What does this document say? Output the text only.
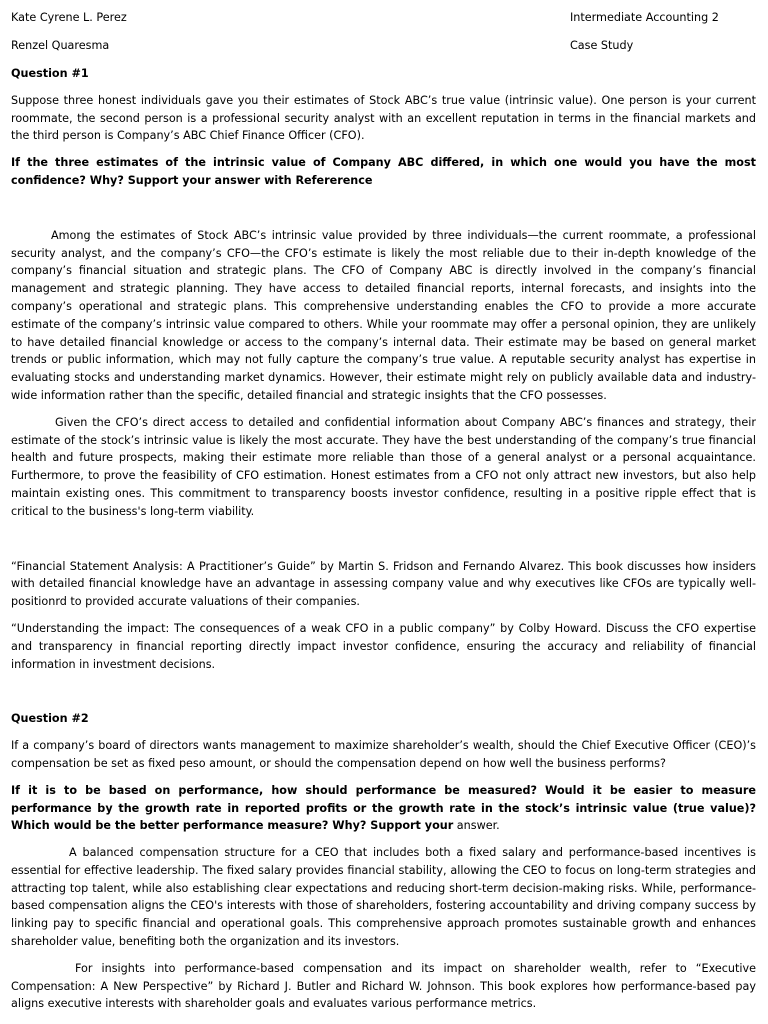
Kate Cyrene L. Perez	Intermediate Accounting 2
Renzel Quaresma	Case Study

Question #1

Suppose three honest individuals gave you their estimates of Stock ABC’s true value (intrinsic value). One person is your current roommate, the second person is a professional security analyst with an excellent reputation in terms in the financial markets and the third person is Company’s ABC Chief Finance Officer (CFO).

If the three estimates of the intrinsic value of Company ABC differed, in which one would you have the most confidence? Why? Support your answer with Refererence

Among the estimates of Stock ABC’s intrinsic value provided by three individuals—the current roommate, a professional security analyst, and the company’s CFO—the CFO’s estimate is likely the most reliable due to their in-depth knowledge of the company’s financial situation and strategic plans. The CFO of Company ABC is directly involved in the company’s financial management and strategic planning. They have access to detailed financial reports, internal forecasts, and insights into the company’s operational and strategic plans. This comprehensive understanding enables the CFO to provide a more accurate estimate of the company’s intrinsic value compared to others. While your roommate may offer a personal opinion, they are unlikely to have detailed financial knowledge or access to the company’s internal data. Their estimate may be based on general market trends or public information, which may not fully capture the company’s true value. A reputable security analyst has expertise in evaluating stocks and understanding market dynamics. However, their estimate might rely on publicly available data and industry-wide information rather than the specific, detailed financial and strategic insights that the CFO possesses.

Given the CFO’s direct access to detailed and confidential information about Company ABC’s finances and strategy, their estimate of the stock’s intrinsic value is likely the most accurate. They have the best understanding of the company’s true financial health and future prospects, making their estimate more reliable than those of a general analyst or a personal acquaintance. Furthermore, to prove the feasibility of CFO estimation. Honest estimates from a CFO not only attract new investors, but also help maintain existing ones. This commitment to transparency boosts investor confidence, resulting in a positive ripple effect that is critical to the business's long-term viability.

“Financial Statement Analysis: A Practitioner’s Guide” by Martin S. Fridson and Fernando Alvarez. This book discusses how insiders with detailed financial knowledge have an advantage in assessing company value and why executives like CFOs are typically well-positionrd to provided accurate valuations of their companies.

“Understanding the impact: The consequences of a weak CFO in a public company” by Colby Howard. Discuss the CFO expertise and transparency in financial reporting directly impact investor confidence, ensuring the accuracy and reliability of financial information in investment decisions.

Question #2

If a company’s board of directors wants management to maximize shareholder’s wealth, should the Chief Executive Officer (CEO)’s compensation be set as fixed peso amount, or should the compensation depend on how well the business performs?

If it is to be based on performance, how should performance be measured? Would it be easier to measure performance by the growth rate in reported profits or the growth rate in the stock’s intrinsic value (true value)? Which would be the better performance measure? Why? Support your answer.

A balanced compensation structure for a CEO that includes both a fixed salary and performance-based incentives is essential for effective leadership. The fixed salary provides financial stability, allowing the CEO to focus on long-term strategies and attracting top talent, while also establishing clear expectations and reducing short-term decision-making risks. While, performance-based compensation aligns the CEO's interests with those of shareholders, fostering accountability and driving company success by linking pay to specific financial and operational goals. This comprehensive approach promotes sustainable growth and enhances shareholder value, benefiting both the organization and its investors.

For insights into performance-based compensation and its impact on shareholder wealth, refer to “Executive Compensation: A New Perspective” by Richard J. Butler and Richard W. Johnson. This book explores how performance-based pay aligns executive interests with shareholder goals and evaluates various performance metrics.
